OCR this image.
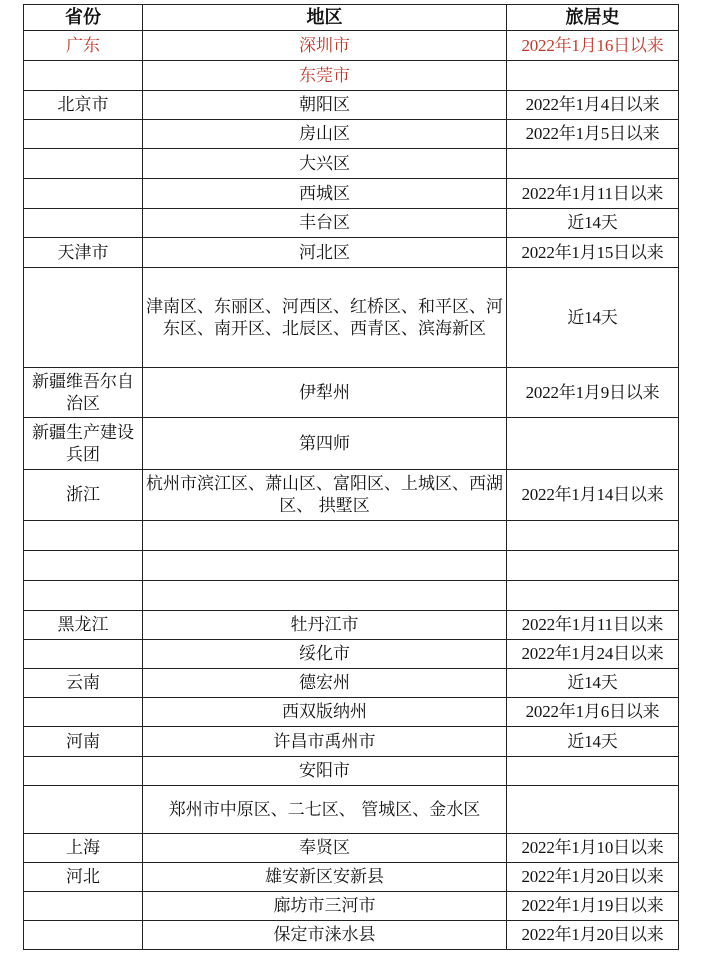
省份	地区	旅居史
广东	深圳市	2022年1月16日以来
	东莞市	
北京市	朝阳区	2022年1月4日以来
	房山区	2022年1月5日以来
	大兴区	
	西城区	2022年1月11日以来
	丰台区	近14天
天津市	河北区	2022年1月15日以来
	津南区、东丽区、河西区、红桥区、和平区、河东区、南开区、北辰区、西青区、滨海新区	近14天
新疆维吾尔自治区	伊犁州	2022年1月9日以来
新疆生产建设兵团	第四师	
浙江	杭州市滨江区、萧山区、富阳区、上城区、西湖区、 拱墅区	2022年1月14日以来

黑龙江	牡丹江市	2022年1月11日以来
	绥化市	2022年1月24日以来
云南	德宏州	近14天
	西双版纳州	2022年1月6日以来
河南	许昌市禹州市	近14天
	安阳市	
	郑州市中原区、二七区、 管城区、金水区	
上海	奉贤区	2022年1月10日以来
河北	雄安新区安新县	2022年1月20日以来
	廊坊市三河市	2022年1月19日以来
	保定市涞水县	2022年1月20日以来
